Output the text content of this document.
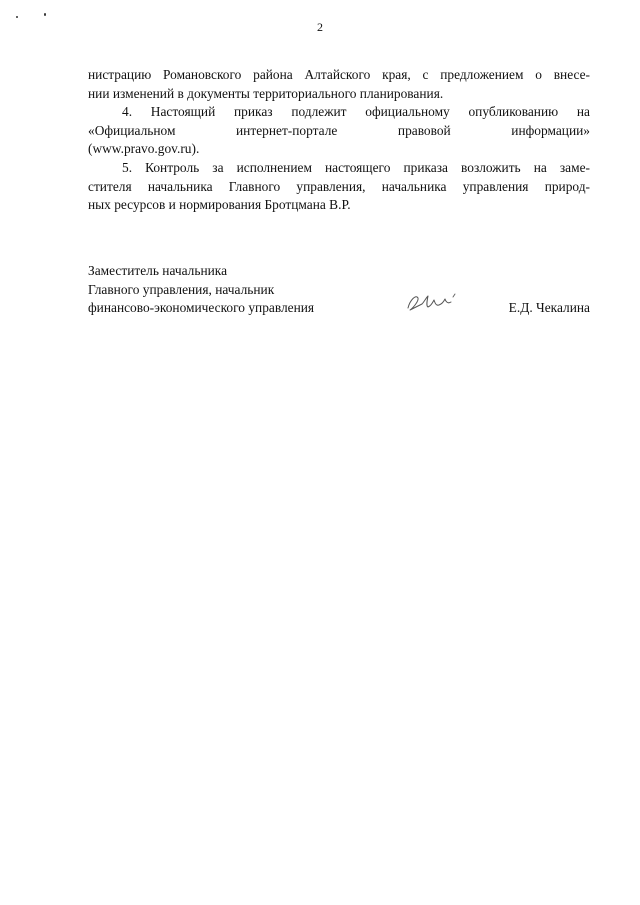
2

нистрацию Романовского района Алтайского края, с предложением о внесе-

нии изменений в документы территориального планирования.

4. Настоящий приказ подлежит официальному опубликованию на

«Официальном интернет-портале правовой информации»

(www.pravo.gov.ru).

5. Контроль за исполнением настоящего приказа возложить на заме-

стителя начальника Главного управления, начальника управления природ-

ных ресурсов и нормирования Бротцмана В.Р.

Заместитель начальника
Главного управления, начальник
финансово-экономического управления	Е.Д. Чекалина
